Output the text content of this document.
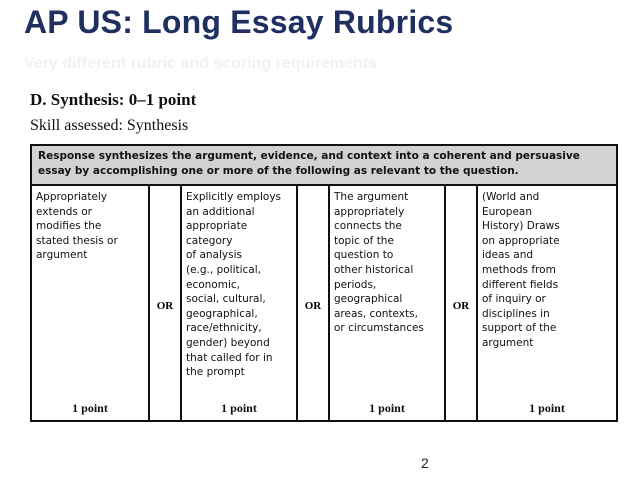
AP US: Long Essay Rubrics
Very different rubric and scoring requirements
D. Synthesis: 0–1 point
Skill assessed: Synthesis
Response synthesizes the argument, evidence, and context into a coherent and persuasive essay by accomplishing one or more of the following as relevant to the question.
Appropriately
extends or
modifies the
stated thesis or
argument
1 point
OR
Explicitly employs
an additional
appropriate
category
of analysis
(e.g., political,
economic,
social, cultural,
geographical,
race/ethnicity,
gender) beyond
that called for in
the prompt
1 point
OR
The argument
appropriately
connects the
topic of the
question to
other historical
periods,
geographical
areas, contexts,
or circumstances
1 point
OR
(World and
European
History) Draws
on appropriate
ideas and
methods from
different fields
of inquiry or
disciplines in
support of the
argument
1 point
2
